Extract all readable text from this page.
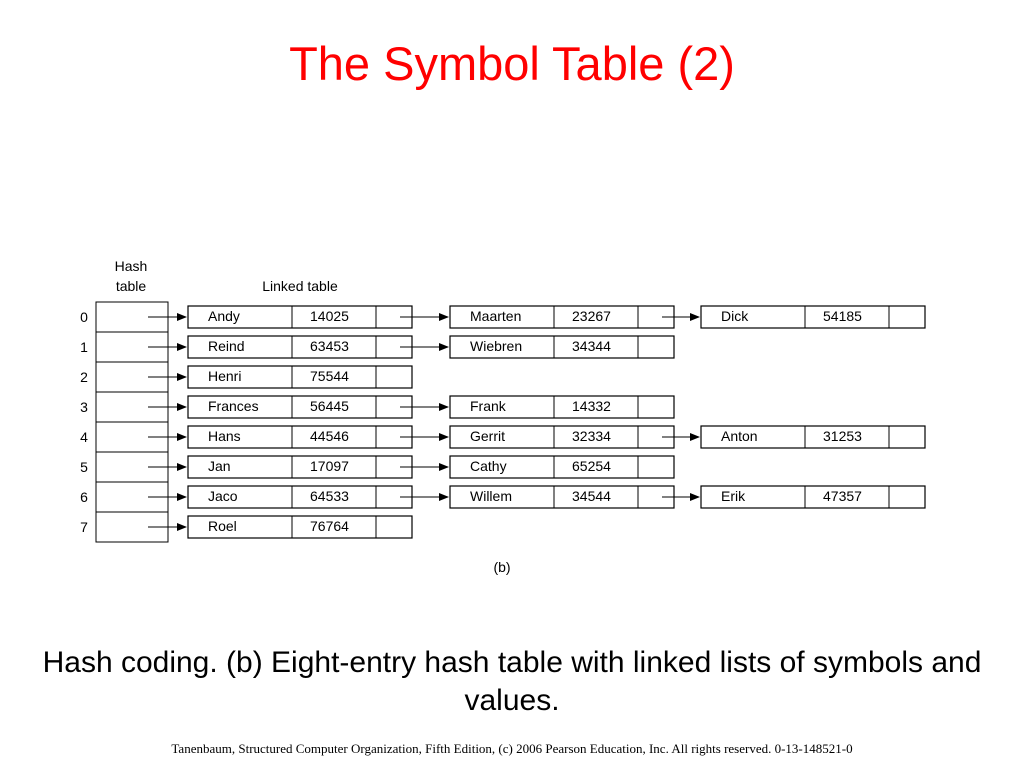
The Symbol Table (2)
Hash
table	Linked table
0	Andy	14025	Maarten	23267	Dick	54185
1	Reind	63453	Wiebren	34344
2	Henri	75544
3	Frances	56445	Frank	14332
4	Hans	44546	Gerrit	32334	Anton	31253
5	Jan	17097	Cathy	65254
6	Jaco	64533	Willem	34544	Erik	47357
7	Roel	76764
(b)
Hash coding. (b) Eight-entry hash table with linked lists of symbols and values.
Tanenbaum, Structured Computer Organization, Fifth Edition, (c) 2006 Pearson Education, Inc. All rights reserved. 0-13-148521-0
